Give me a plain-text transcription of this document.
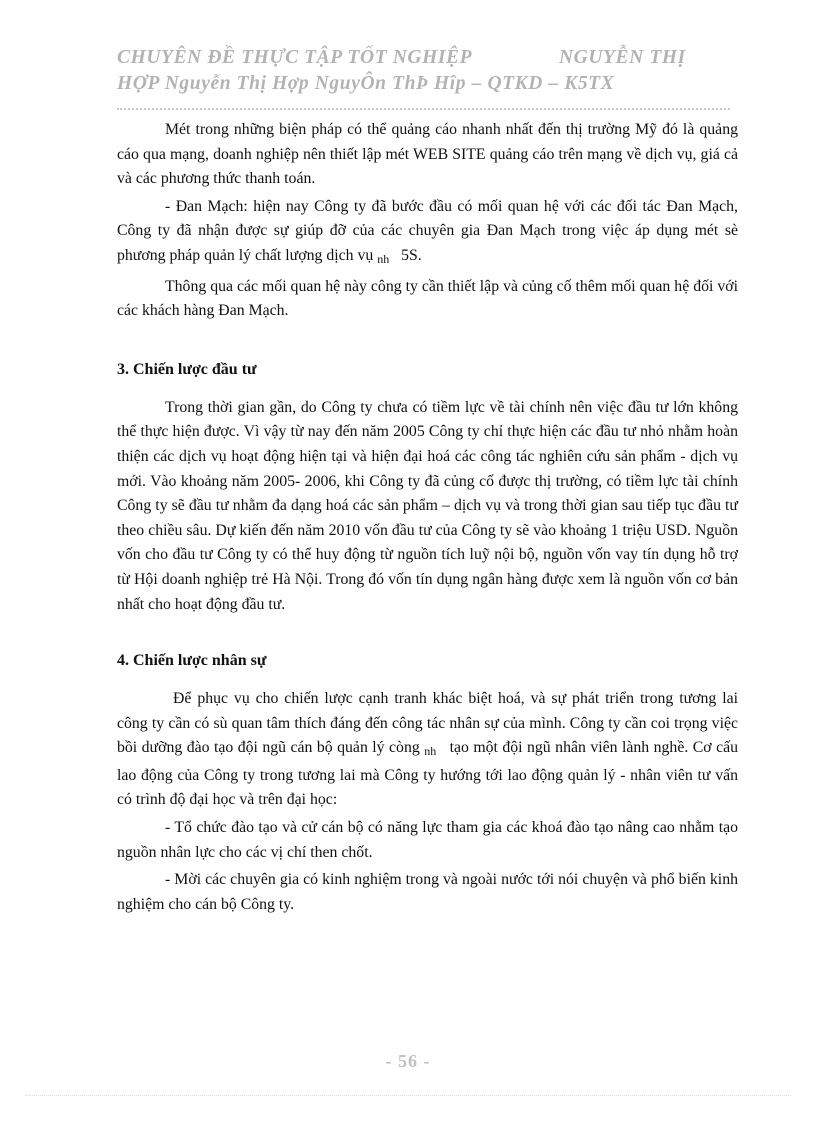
CHUYÊN ĐỀ THỰC TẬP TỐT NGHIỆP	NGUYỄN THỊ
HỢP Nguyễn Thị Hợp NguyÔn ThÞ Hîp – QTKD – K5TX

Mét trong những biện pháp có thể quảng cáo nhanh nhất đến thị trường Mỹ đó là quảng cáo qua mạng, doanh nghiệp nên thiết lập mét WEB SITE quảng cáo trên mạng về dịch vụ, giá cả và các phương thức thanh toán.

- Đan Mạch: hiện nay Công ty đã bước đầu có mối quan hệ với các đối tác Đan Mạch, Công ty đã nhận được sự giúp đỡ của các chuyên gia Đan Mạch trong việc áp dụng mét sè phương pháp quản lý chất lượng dịch vụ $_{nh}$ 5S.

Thông qua các mối quan hệ này công ty cần thiết lập và củng cố thêm mối quan hệ đối với các khách hàng Đan Mạch.

3. Chiến lược đầu tư

Trong thời gian gần, do Công ty chưa có tiềm lực về tài chính nên việc đầu tư lớn không thể thực hiện được. Vì vậy từ nay đến năm 2005 Công ty chỉ thực hiện các đầu tư nhỏ nhằm hoàn thiện các dịch vụ hoạt động hiện tại và hiện đại hoá các công tác nghiên cứu sản phẩm - dịch vụ mới. Vào khoảng năm 2005- 2006, khi Công ty đã củng cố được thị trường, có tiềm lực tài chính Công ty sẽ đầu tư nhằm đa dạng hoá các sản phẩm – dịch vụ và trong thời gian sau tiếp tục đầu tư theo chiều sâu. Dự kiến đến năm 2010 vốn đầu tư của Công ty sẽ vào khoảng 1 triệu USD. Nguồn vốn cho đầu tư Công ty có thể huy động từ nguồn tích luỹ nội bộ, nguồn vốn vay tín dụng hỗ trợ từ Hội doanh nghiệp trẻ Hà Nội. Trong đó vốn tín dụng ngân hàng được xem là nguồn vốn cơ bản nhất cho hoạt động đầu tư.

4. Chiến lược nhân sự

Để phục vụ cho chiến lược cạnh tranh khác biệt hoá, và sự phát triển trong tương lai công ty cần có sù quan tâm thích đáng đến công tác nhân sự của mình. Công ty cần coi trọng việc bồi dưỡng đào tạo đội ngũ cán bộ quản lý còng $_{nh}$ tạo một đội ngũ nhân viên lành nghề. Cơ cấu lao động của Công ty trong tương lai mà Công ty hướng tới lao động quản lý - nhân viên tư vấn có trình độ đại học và trên đại học:

- Tổ chức đào tạo và cử cán bộ có năng lực tham gia các khoá đào tạo nâng cao nhằm tạo nguồn nhân lực cho các vị chí then chốt.

- Mời các chuyên gia có kinh nghiệm trong và ngoài nước tới nói chuyện và phổ biến kinh nghiệm cho cán bộ Công ty.

- 56 -
